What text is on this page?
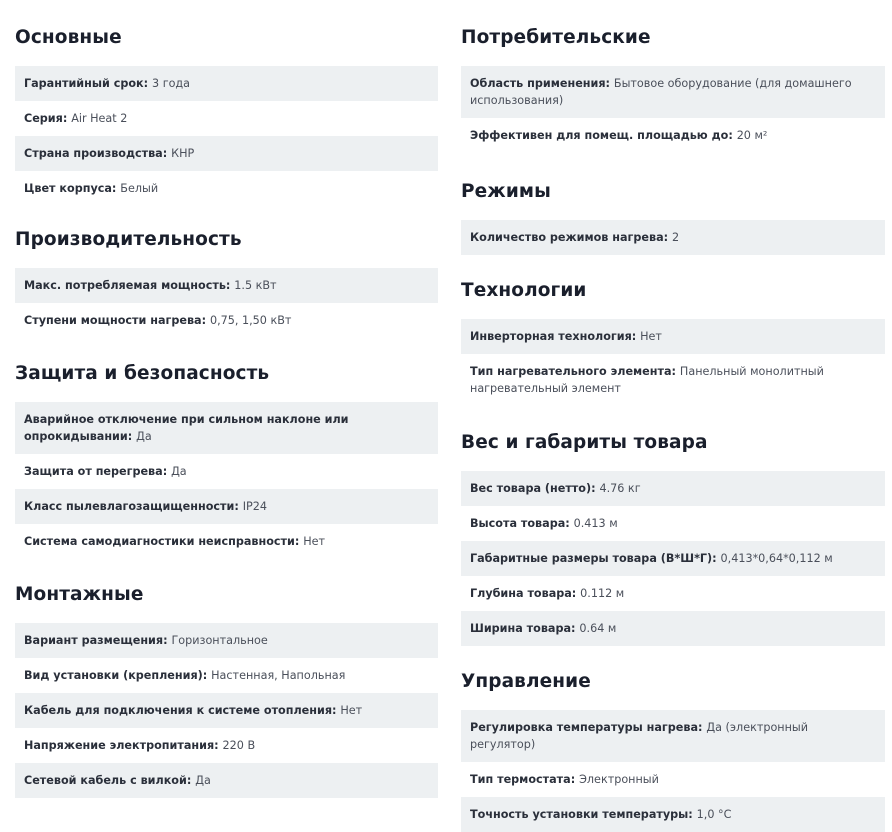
Основные
Гарантийный срок: 3 года
Серия: Air Heat 2
Страна производства: КНР
Цвет корпуса: Белый
Производительность
Макс. потребляемая мощность: 1.5 кВт
Ступени мощности нагрева: 0,75, 1,50 кВт
Защита и безопасность
Аварийное отключение при сильном наклоне или опрокидывании: Да
Защита от перегрева: Да
Класс пылевлагозащищенности: IP24
Система самодиагностики неисправности: Нет
Монтажные
Вариант размещения: Горизонтальное
Вид установки (крепления): Настенная, Напольная
Кабель для подключения к системе отопления: Нет
Напряжение электропитания: 220 В
Сетевой кабель с вилкой: Да
Потребительские
Область применения: Бытовое оборудование (для домашнего использования)
Эффективен для помещ. площадью до: 20 м²
Режимы
Количество режимов нагрева: 2
Технологии
Инверторная технология: Нет
Тип нагревательного элемента: Панельный монолитный нагревательный элемент
Вес и габариты товара
Вес товара (нетто): 4.76 кг
Высота товара: 0.413 м
Габаритные размеры товара (В*Ш*Г): 0,413*0,64*0,112 м
Глубина товара: 0.112 м
Ширина товара: 0.64 м
Управление
Регулировка температуры нагрева: Да (электронный регулятор)
Тип термостата: Электронный
Точность установки температуры: 1,0 °C
